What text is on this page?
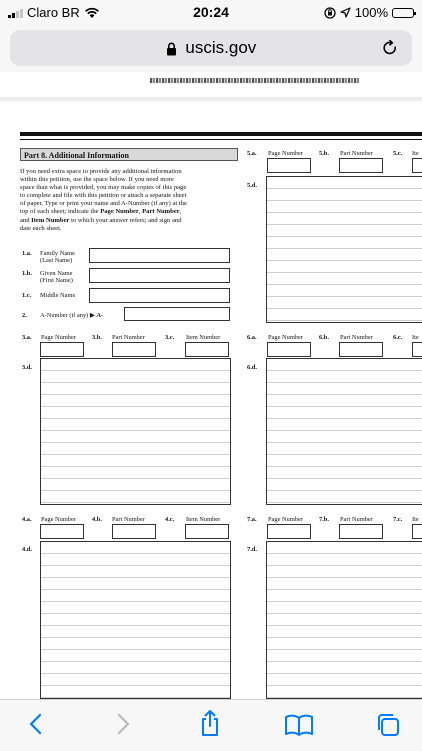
Claro BR	20:24	100%
uscis.gov
Part 8. Additional Information
If you need extra space to provide any additional information
within this petition, use the space below. If you need more
space than what is provided, you may make copies of this page
to complete and file with this petition or attach a separate sheet
of paper. Type or print your name and A-Number (if any) at the
top of each sheet; indicate the Page Number, Part Number,
and Item Number to which your answer refers; and sign and
date each sheet.
1.a. Family Name
(Last Name)
1.b. Given Name
(First Name)
1.c. Middle Name
2. A-Number (if any) ▶ A-
3.a. Page Number	3.b. Part Number	3.c. Item Number
3.d.
4.a. Page Number	4.b. Part Number	4.c. Item Number
4.d.
5.a. Page Number	5.b. Part Number	5.c. Ite
5.d.
6.a. Page Number	6.b. Part Number	6.c. Ite
6.d.
7.a. Page Number	7.b. Part Number	7.c. Ite
7.d.
